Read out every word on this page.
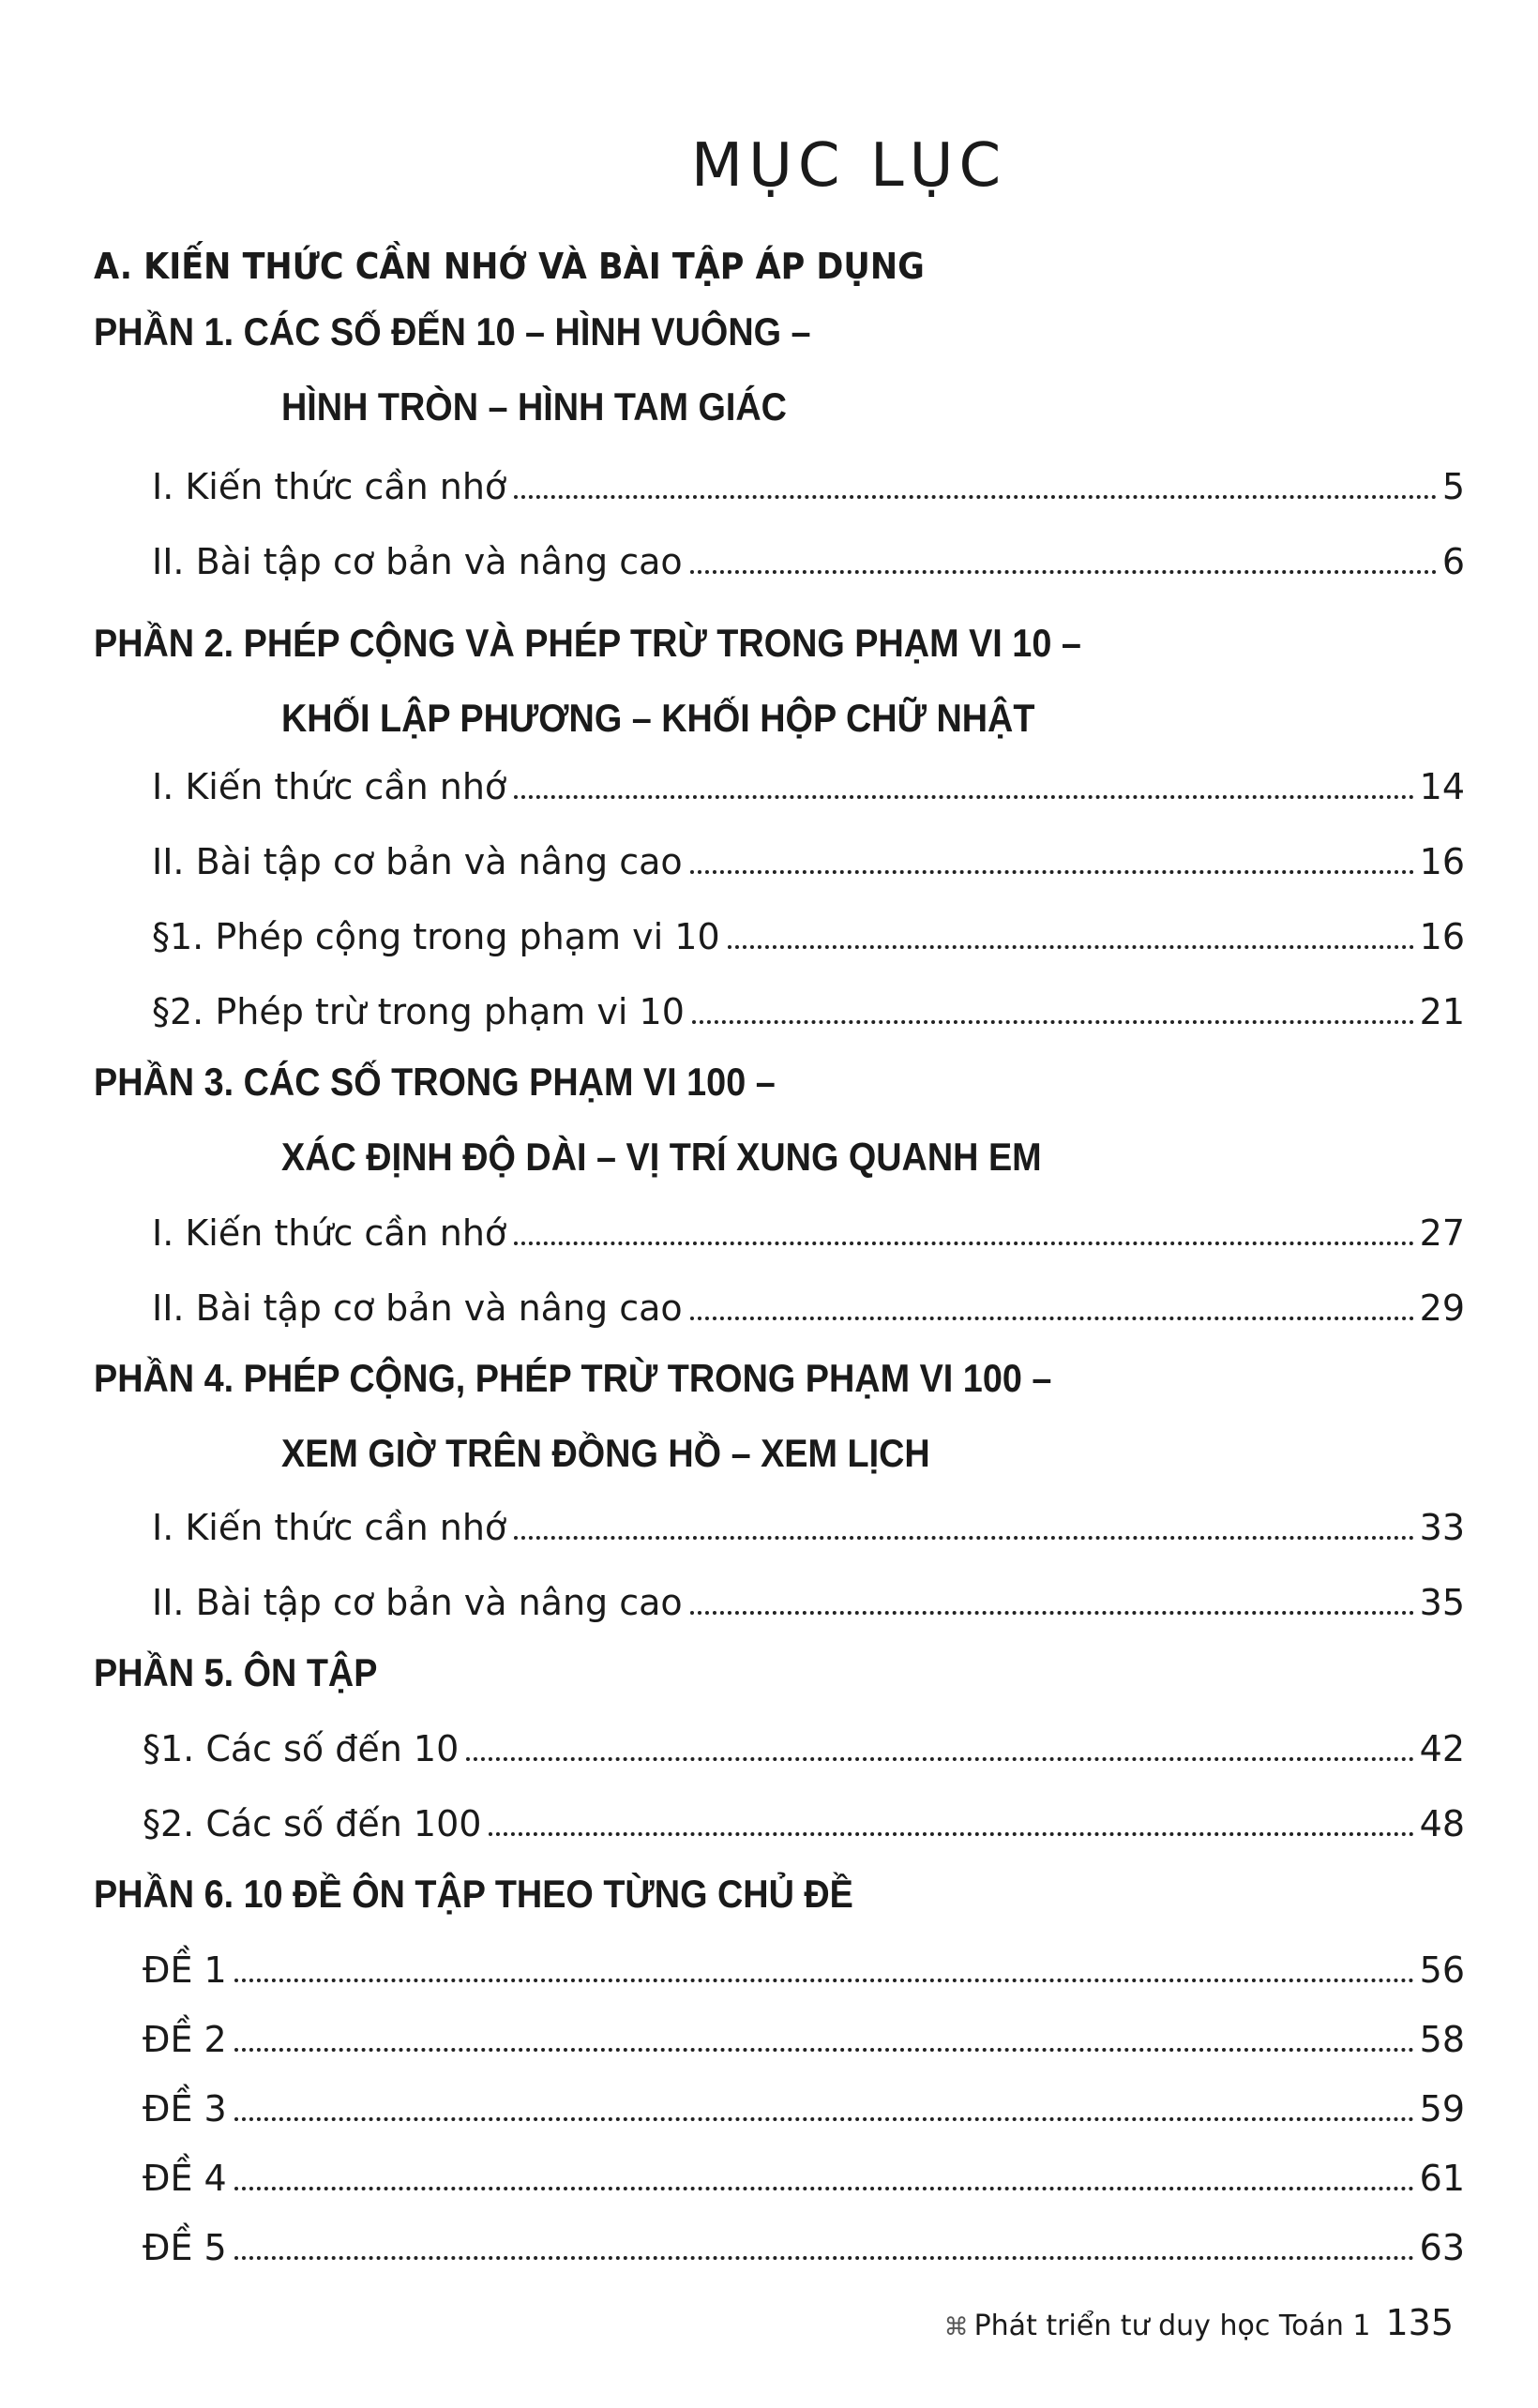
MỤC LỤC
A. KIẾN THỨC CẦN NHỚ VÀ BÀI TẬP ÁP DỤNG
PHẦN 1. CÁC SỐ ĐẾN 10 – HÌNH VUÔNG –
HÌNH TRÒN – HÌNH TAM GIÁC
I. Kiến thức cần nhớ	5
II. Bài tập cơ bản và nâng cao	6
PHẦN 2. PHÉP CỘNG VÀ PHÉP TRỪ TRONG PHẠM VI 10 –
KHỐI LẬP PHƯƠNG – KHỐI HỘP CHỮ NHẬT
I. Kiến thức cần nhớ	14
II. Bài tập cơ bản và nâng cao	16
§1. Phép cộng trong phạm vi 10	16
§2. Phép trừ trong phạm vi 10	21
PHẦN 3. CÁC SỐ TRONG PHẠM VI 100 –
XÁC ĐỊNH ĐỘ DÀI – VỊ TRÍ XUNG QUANH EM
I. Kiến thức cần nhớ	27
II. Bài tập cơ bản và nâng cao	29
PHẦN 4. PHÉP CỘNG, PHÉP TRỪ TRONG PHẠM VI 100 –
XEM GIỜ TRÊN ĐỒNG HỒ – XEM LỊCH
I. Kiến thức cần nhớ	33
II. Bài tập cơ bản và nâng cao	35
PHẦN 5. ÔN TẬP
§1. Các số đến 10	42
§2. Các số đến 100	48
PHẦN 6. 10 ĐỀ ÔN TẬP THEO TỪNG CHỦ ĐỀ
ĐỀ 1	56
ĐỀ 2	58
ĐỀ 3	59
ĐỀ 4	61
ĐỀ 5	63
⌘ Phát triển tư duy học Toán 1 135
